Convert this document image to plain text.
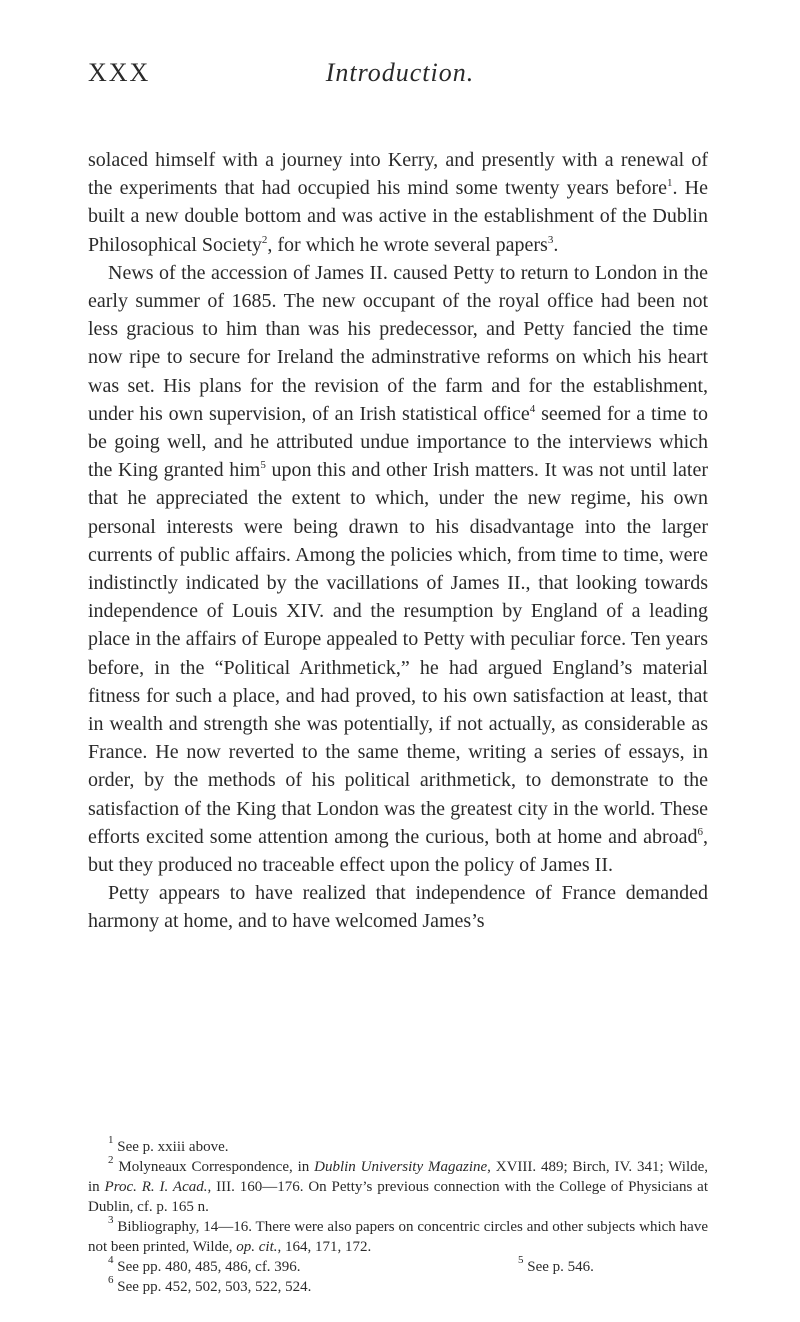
XXX	Introduction.

solaced himself with a journey into Kerry, and presently with a renewal of the experiments that had occupied his mind some twenty years before$^1$. He built a new double bottom and was active in the establishment of the Dublin Philosophical Society$^2$, for which he wrote several papers$^3$.

News of the accession of James II. caused Petty to return to London in the early summer of 1685. The new occupant of the royal office had been not less gracious to him than was his predecessor, and Petty fancied the time now ripe to secure for Ireland the adminstrative reforms on which his heart was set. His plans for the revision of the farm and for the establishment, under his own supervision, of an Irish statistical office$^4$ seemed for a time to be going well, and he attributed undue importance to the interviews which the King granted him$^5$ upon this and other Irish matters. It was not until later that he appreciated the extent to which, under the new regime, his own personal interests were being drawn to his disadvantage into the larger currents of public affairs. Among the policies which, from time to time, were indistinctly indicated by the vacillations of James II., that looking towards independence of Louis XIV. and the resumption by England of a leading place in the affairs of Europe appealed to Petty with peculiar force. Ten years before, in the “Political Arithmetick,” he had argued England’s material fitness for such a place, and had proved, to his own satisfaction at least, that in wealth and strength she was potentially, if not actually, as considerable as France. He now reverted to the same theme, writing a series of essays, in order, by the methods of his political arithmetick, to demonstrate to the satisfaction of the King that London was the greatest city in the world. These efforts excited some attention among the curious, both at home and abroad$^6$, but they produced no traceable effect upon the policy of James II.

Petty appears to have realized that independence of France demanded harmony at home, and to have welcomed James’s

$^1$ See p. xxiii above.

$^2$ Molyneaux Correspondence, in Dublin University Magazine, XVIII. 489; Birch, IV. 341; Wilde, in Proc. R. I. Acad., III. 160—176. On Petty’s previous connection with the College of Physicians at Dublin, cf. p. 165 n.

$^3$ Bibliography, 14—16. There were also papers on concentric circles and other subjects which have not been printed, Wilde, op. cit., 164, 171, 172.

$^4$ See pp. 480, 485, 486, cf. 396.	$^5$ See p. 546.

$^6$ See pp. 452, 502, 503, 522, 524.
